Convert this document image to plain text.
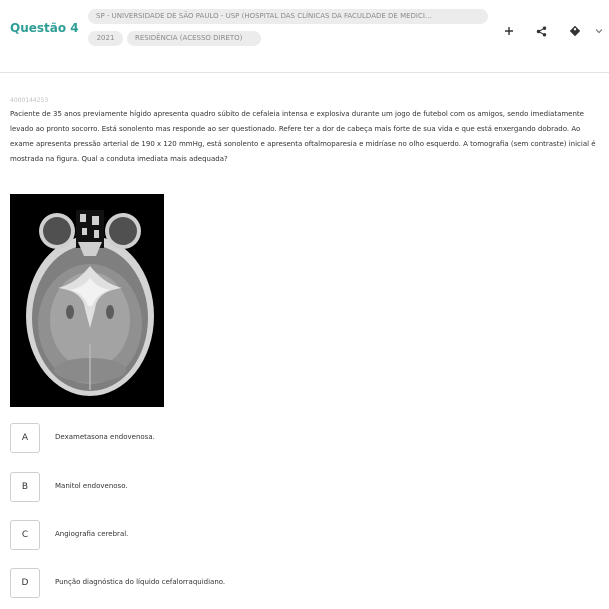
Questão 4
SP - UNIVERSIDADE DE SÃO PAULO - USP (HOSPITAL DAS CLÍNICAS DA FACULDADE DE MEDICI...
2021	RESIDÊNCIA (ACESSO DIRETO)
4000144253

Paciente de 35 anos previamente hígido apresenta quadro súbito de cefaleia intensa e explosiva durante um jogo de futebol com os amigos, sendo imediatamente levado ao pronto socorro. Está sonolento mas responde ao ser questionado. Refere ter a dor de cabeça mais forte de sua vida e que está enxergando dobrado. Ao exame apresenta pressão arterial de 190 x 120 mmHg, está sonolento e apresenta oftalmoparesia e midríase no olho esquerdo. A tomografia (sem contraste) inicial é mostrada na figura. Qual a conduta imediata mais adequada?

A	Dexametasona endovenosa.
B	Manitol endovenoso.
C	Angiografia cerebral.
D	Punção diagnóstica do líquido cefalorraquidiano.
